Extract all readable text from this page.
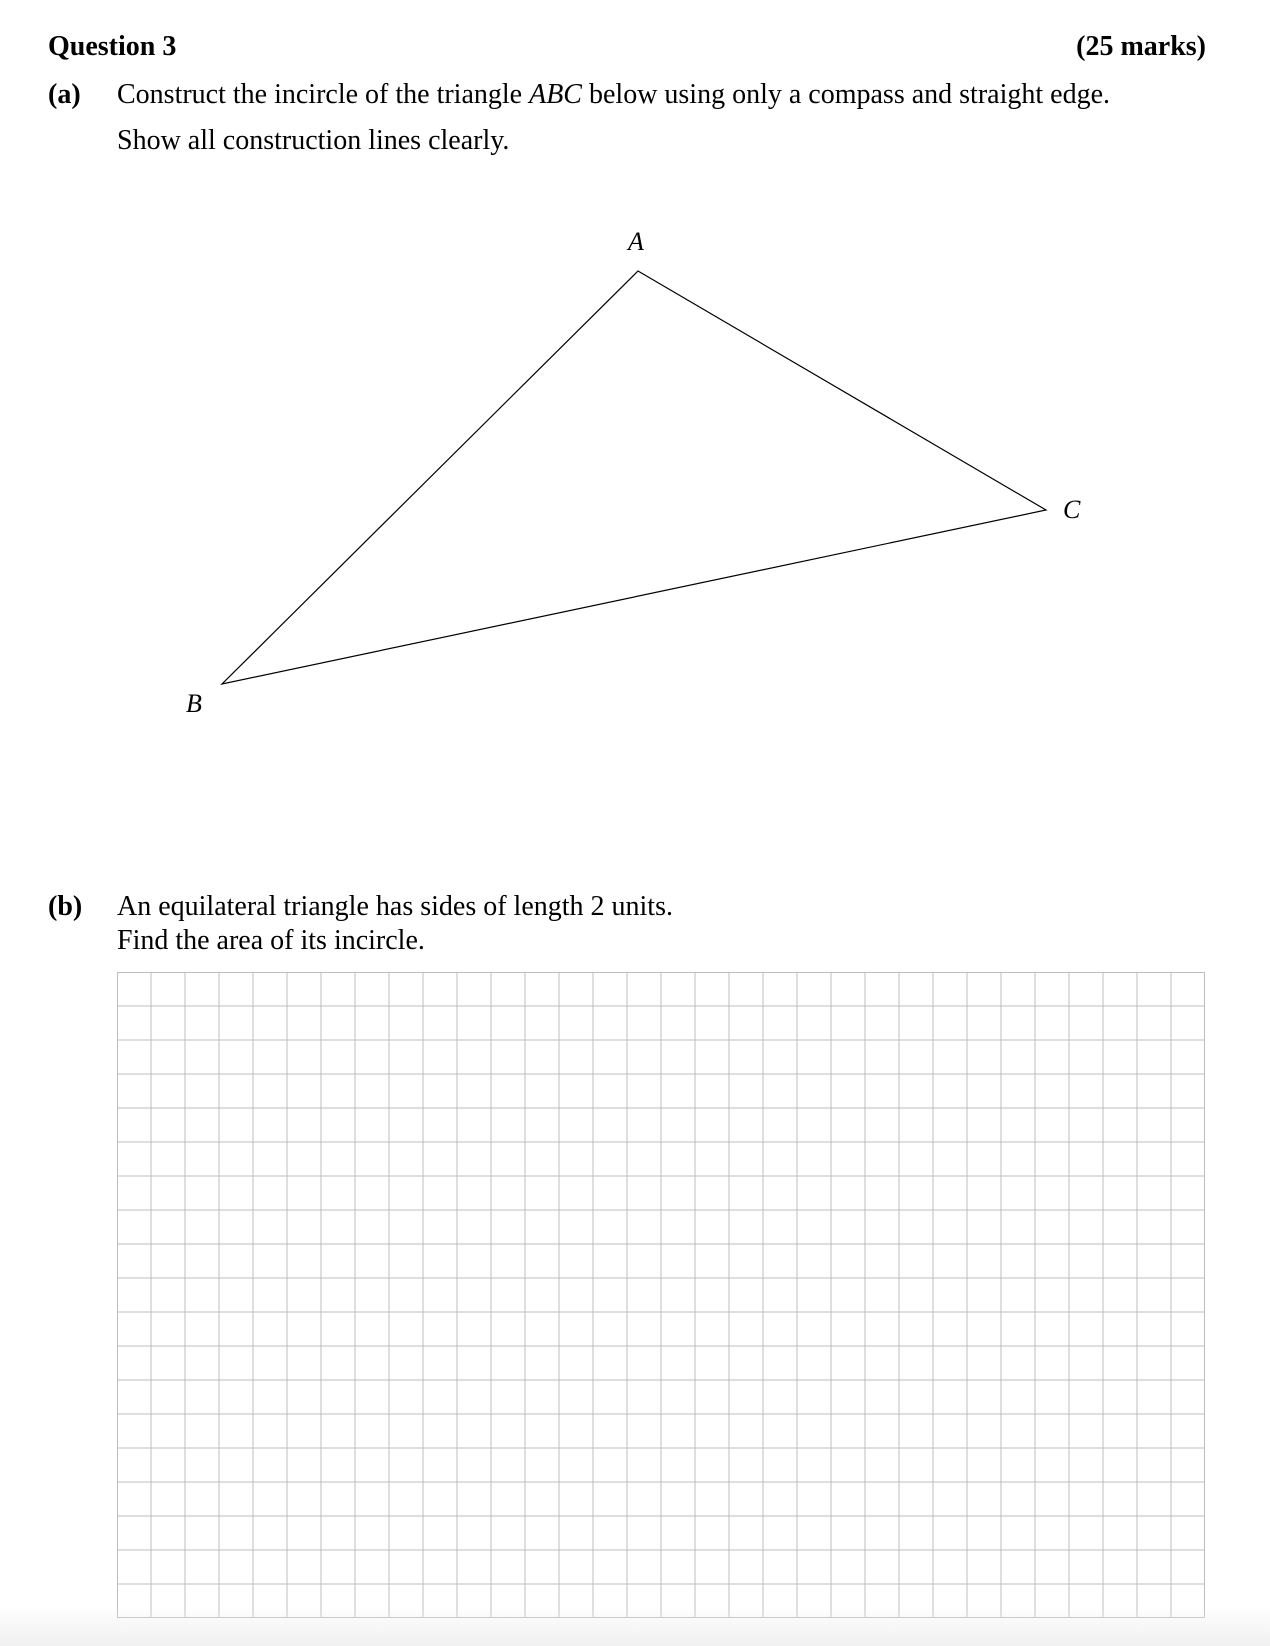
Question 3	(25 marks)
(a) Construct the incircle of the triangle ABC below using only a compass and straight edge.
Show all construction lines clearly.
A
B
C
(b) An equilateral triangle has sides of length 2 units.
Find the area of its incircle.
